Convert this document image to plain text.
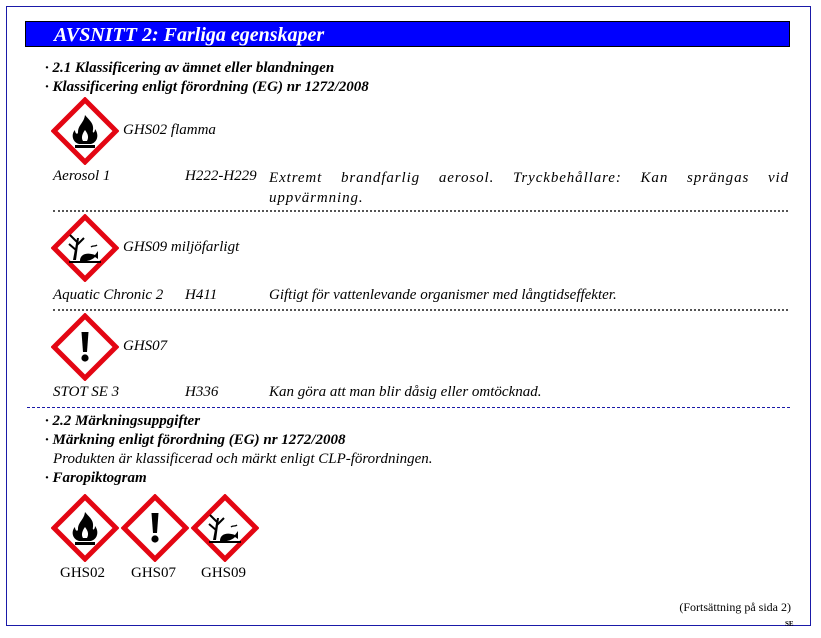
AVSNITT 2: Farliga egenskaper
· 2.1 Klassificering av ämnet eller blandningen
· Klassificering enligt förordning (EG) nr 1272/2008
GHS02 flamma
Aerosol 1	H222-H229 Extremt brandfarlig aerosol. Tryckbehållare: Kan sprängas vid uppvärmning.
GHS09 miljöfarligt
Aquatic Chronic 2 H411	Giftigt för vattenlevande organismer med långtidseffekter.
GHS07
STOT SE 3	H336	Kan göra att man blir dåsig eller omtöcknad.
· 2.2 Märkningsuppgifter
· Märkning enligt förordning (EG) nr 1272/2008
Produkten är klassificerad och märkt enligt CLP-förordningen.
· Faropiktogram
GHS02 GHS07 GHS09
(Fortsättning på sida 2)
SE
